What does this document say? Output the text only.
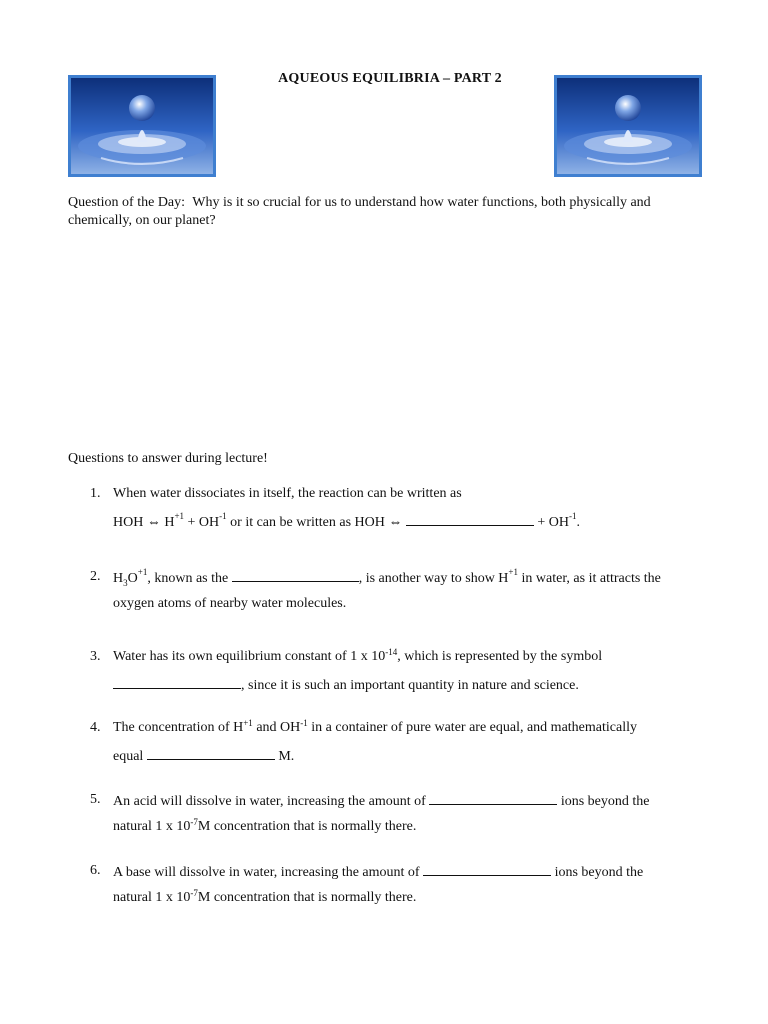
AQUEOUS EQUILIBRIA – PART 2
Question of the Day: Why is it so crucial for us to understand how water functions, both physically and chemically, on our planet?
Questions to answer during lecture!
1. When water dissociates in itself, the reaction can be written as
HOH ⇔ $H^{+1} + OH^{-1}$ or it can be written as HOH ⇔	+ $OH^{-1}$.
2. $H_3O^{+1}$, known as the	, is another way to show $H^{+1}$ in water, as it attracts the
oxygen atoms of nearby water molecules.
3. Water has its own equilibrium constant of 1 x $10^{-14}$, which is represented by the symbol
, since it is such an important quantity in nature and science.
4. The concentration of $H^{+1}$ and $OH^{-1}$ in a container of pure water are equal, and mathematically
equal	M.
5. An acid will dissolve in water, increasing the amount of	ions beyond the
natural 1 x $10^{-7}M$ concentration that is normally there.
6. A base will dissolve in water, increasing the amount of	ions beyond the
natural 1 x $10^{-7}M$ concentration that is normally there.
